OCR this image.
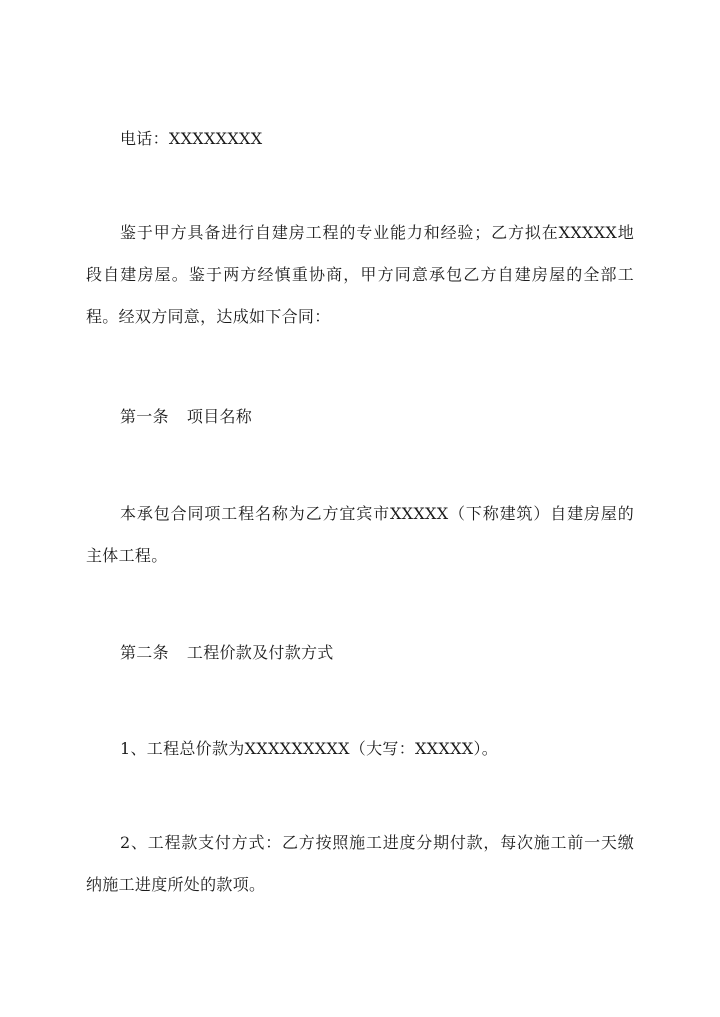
电话：XXXXXXXX

鉴于甲方具备进行自建房工程的专业能力和经验；乙方拟在XXXXX地段自建房屋。鉴于两方经慎重协商，甲方同意承包乙方自建房屋的全部工程。经双方同意，达成如下合同：

第一条 项目名称

本承包合同项工程名称为乙方宜宾市XXXXX（下称建筑）自建房屋的主体工程。

第二条 工程价款及付款方式

1、工程总价款为XXXXXXXXX（大写：XXXXX）。

2、工程款支付方式：乙方按照施工进度分期付款，每次施工前一天缴纳施工进度所处的款项。
